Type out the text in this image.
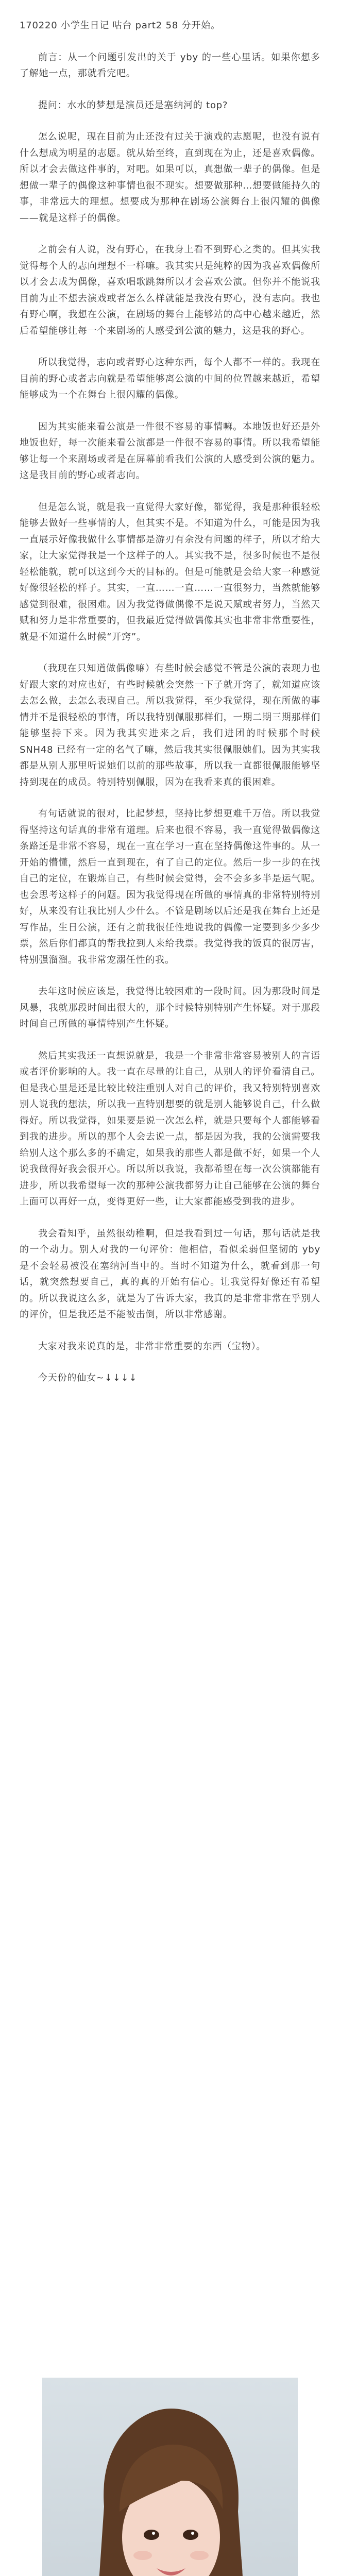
170220 小学生日记 咕台 part2 58 分开始。

前言：从一个问题引发出的关于 yby 的一些心里话。如果你想多了解她一点，那就看完吧。

提问：水水的梦想是演员还是塞纳河的 top?

怎么说呢，现在目前为止还没有过关于演戏的志愿呢，也没有说有什么想成为明星的志愿。就从始至终，直到现在为止，还是喜欢偶像。所以才会去做这件事的，对吧。如果可以，真想做一辈子的偶像。但是想做一辈子的偶像这种事情也很不现实。想要做那种…想要做能持久的事，非常远大的理想。想要成为那种在剧场公演舞台上很闪耀的偶像——就是这样子的偶像。

之前会有人说，没有野心，在我身上看不到野心之类的。但其实我觉得每个人的志向理想不一样嘛。我其实只是纯粹的因为我喜欢偶像所以才会去成为偶像，喜欢唱歌跳舞所以才会喜欢公演。但你并不能说我目前为止不想去演戏或者怎么么样就能是我没有野心，没有志向。我也有野心啊，我想在公演，在剧场的舞台上能够站的高中心越来越近，然后希望能够让每一个来剧场的人感受到公演的魅力，这是我的野心。

所以我觉得，志向或者野心这种东西，每个人都不一样的。我现在目前的野心或者志向就是希望能够离公演的中间的位置越来越近，希望能够成为一个在舞台上很闪耀的偶像。

因为其实能来看公演是一件很不容易的事情嘛。本地饭也好还是外地饭也好，每一次能来看公演都是一件很不容易的事情。所以我希望能够让每一个来剧场或者是在屏幕前看我们公演的人感受到公演的魅力。这是我目前的野心或者志向。

但是怎么说，就是我一直觉得大家好像，都觉得，我是那种很轻松能够去做好一些事情的人，但其实不是。不知道为什么，可能是因为我一直展示好像我做什么事情都是游刃有余没有问题的样子，所以才给大家，让大家觉得我是一个这样子的人。其实我不是，很多时候也不是很轻松能就，就可以这到今天的目标的。但是可能就是会给大家一种感觉好像很轻松的样子。其实，一直……一直……一直很努力，当然就能够感觉到很难，很困难。因为我觉得做偶像不是说天赋或者努力，当然天赋和努力是非常重要的，但我最近觉得做偶像其实也非常非常重要性，就是不知道什么时候“开窍”。

（我现在只知道做偶像嘛）有些时候会感觉不管是公演的表现力也好跟大家的对应也好，有些时候就会突然一下子就开窍了，就知道应该去怎么做，去怎么表现自己。所以我觉得，至少我觉得，现在所做的事情并不是很轻松的事情，所以我特别佩服那样们，一期二期三期那样们能够坚持下来。因为我其实进来之后，我们进团的时候那个时候 SNH48 已经有一定的名气了嘛，然后我其实很佩服她们。因为其实我都是从别人那里听说她们以前的那些故事，所以我一直都很佩服能够坚持到现在的成员。特别特别佩服，因为在我看来真的很困难。

有句话就说的很对，比起梦想，坚持比梦想更难千万倍。所以我觉得坚持这句话真的非常有道理。后来也很不容易，我一直觉得做偶像这条路还是非常不容易，现在一直在学习一直在坚持偶像这件事的。从一开始的懵懂，然后一直到现在，有了自己的定位。然后一步一步的在找自己的定位，在锻炼自己，有些时候会觉得，会不会多多半是运气呢。也会思考这样子的问题。因为我觉得现在所做的事情真的非常特别特别好，从来没有让我比别人少什么。不管是剧场以后还是我在舞台上还是写作品，生日公演，还有之前我很任性地说我的偶像一定要到多少多少票，然后你们都真的帮我拉到人来给我票。我觉得我的饭真的很厉害，特别强溜溜。我非常宠溺任性的我。

去年这时候应该是，我觉得比较困难的一段时间。因为那段时间是风暴，我就那段时间出很大的，那个时候特别特别产生怀疑。对于那段时间自己所做的事情特别产生怀疑。

然后其实我还一直想说就是，我是一个非常非常容易被别人的言语或者评价影响的人。我一直在尽量的让自己，从别人的评价看清自己。但是我心里是还是比较比较注重别人对自己的评价，我又特别特别喜欢别人说我的想法，所以我一直特别想要的就是别人能够说自己，什么做得好。所以我觉得，如果要是说一次怎么样，就是只要每个人都能够看到我的进步。所以的那个人会去说一点，都是因为我，我的公演需要我给别人这个那么多的不确定，如果我的那些人都是做不好，如果一个人说我做得好我会很开心。所以所以我说，我都希望在每一次公演都能有进步，所以我希望每一次的那种公演我都努力让自己能够在公演的舞台上面可以再好一点，变得更好一些，让大家都能感受到我的进步。

我会看知乎，虽然很幼稚啊，但是我看到过一句话，那句话就是我的一个动力。别人对我的一句评价：他相信，看似柔弱但坚韧的 yby 是不会轻易被没在塞纳河当中的。当时不知道为什么，就看到那一句话，就突然想要自己，真的真的开始有信心。让我觉得好像还有希望的。所以我说这么多，就是为了告诉大家，我真的是非常非常在乎别人的评价，但是我还是不能被击倒，所以非常感谢。

大家对我来说真的是，非常非常重要的东西（宝物）。

今天份的仙女~↓↓↓↓
